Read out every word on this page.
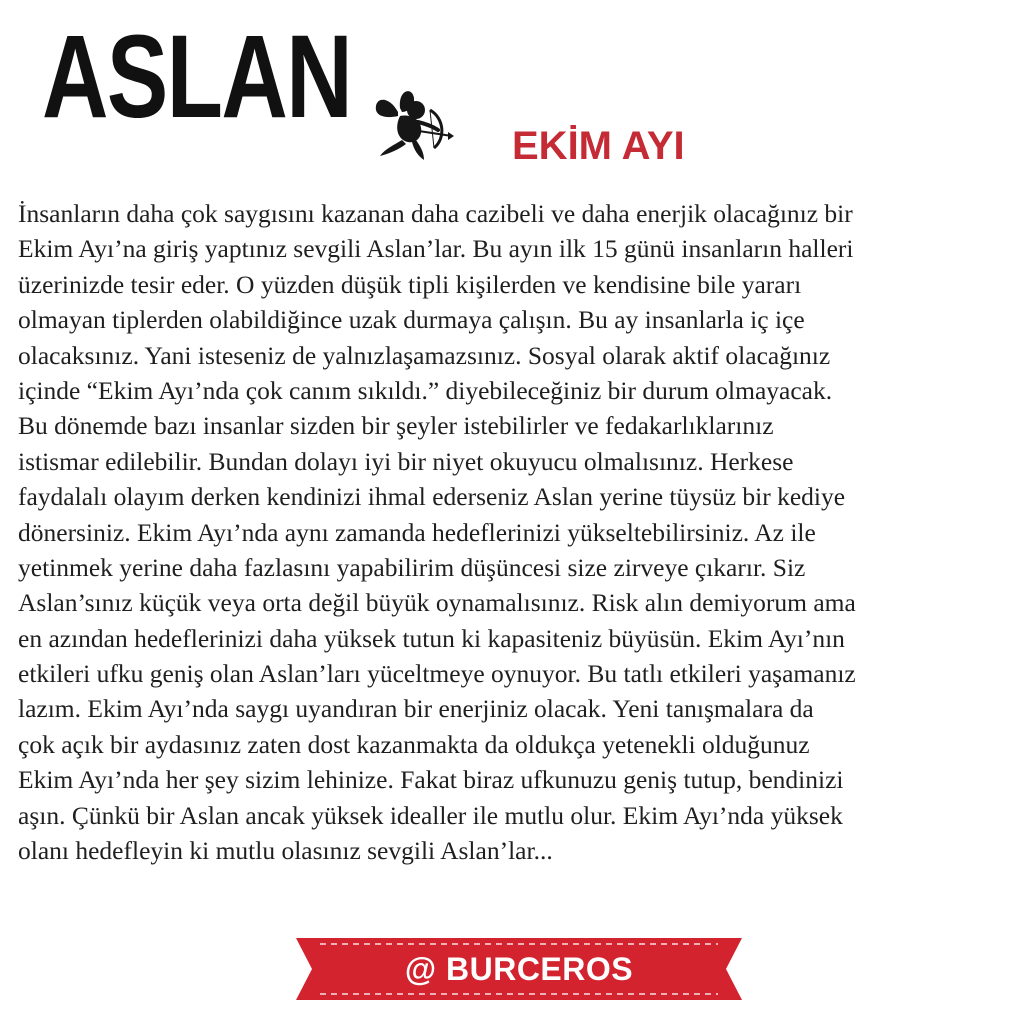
ASLAN
EKİM AYI
İnsanların daha çok saygısını kazanan daha cazibeli ve daha enerjik olacağınız bir
Ekim Ayı’na giriş yaptınız sevgili Aslan’lar. Bu ayın ilk 15 günü insanların halleri
üzerinizde tesir eder. O yüzden düşük tipli kişilerden ve kendisine bile yararı
olmayan tiplerden olabildiğince uzak durmaya çalışın. Bu ay insanlarla iç içe
olacaksınız. Yani isteseniz de yalnızlaşamazsınız. Sosyal olarak aktif olacağınız
içinde “Ekim Ayı’nda çok canım sıkıldı.” diyebileceğiniz bir durum olmayacak.
Bu dönemde bazı insanlar sizden bir şeyler istebilirler ve fedakarlıklarınız
istismar edilebilir. Bundan dolayı iyi bir niyet okuyucu olmalısınız. Herkese
faydalalı olayım derken kendinizi ihmal ederseniz Aslan yerine tüysüz bir kediye
dönersiniz. Ekim Ayı’nda aynı zamanda hedeflerinizi yükseltebilirsiniz. Az ile
yetinmek yerine daha fazlasını yapabilirim düşüncesi size zirveye çıkarır. Siz
Aslan’sınız küçük veya orta değil büyük oynamalısınız. Risk alın demiyorum ama
en azından hedeflerinizi daha yüksek tutun ki kapasiteniz büyüsün. Ekim Ayı’nın
etkileri ufku geniş olan Aslan’ları yüceltmeye oynuyor. Bu tatlı etkileri yaşamanız
lazım. Ekim Ayı’nda saygı uyandıran bir enerjiniz olacak. Yeni tanışmalara da
çok açık bir aydasınız zaten dost kazanmakta da oldukça yetenekli olduğunuz
Ekim Ayı’nda her şey sizim lehinize. Fakat biraz ufkunuzu geniş tutup, bendinizi
aşın. Çünkü bir Aslan ancak yüksek idealler ile mutlu olur. Ekim Ayı’nda yüksek
olanı hedefleyin ki mutlu olasınız sevgili Aslan’lar...
@ BURCEROS
